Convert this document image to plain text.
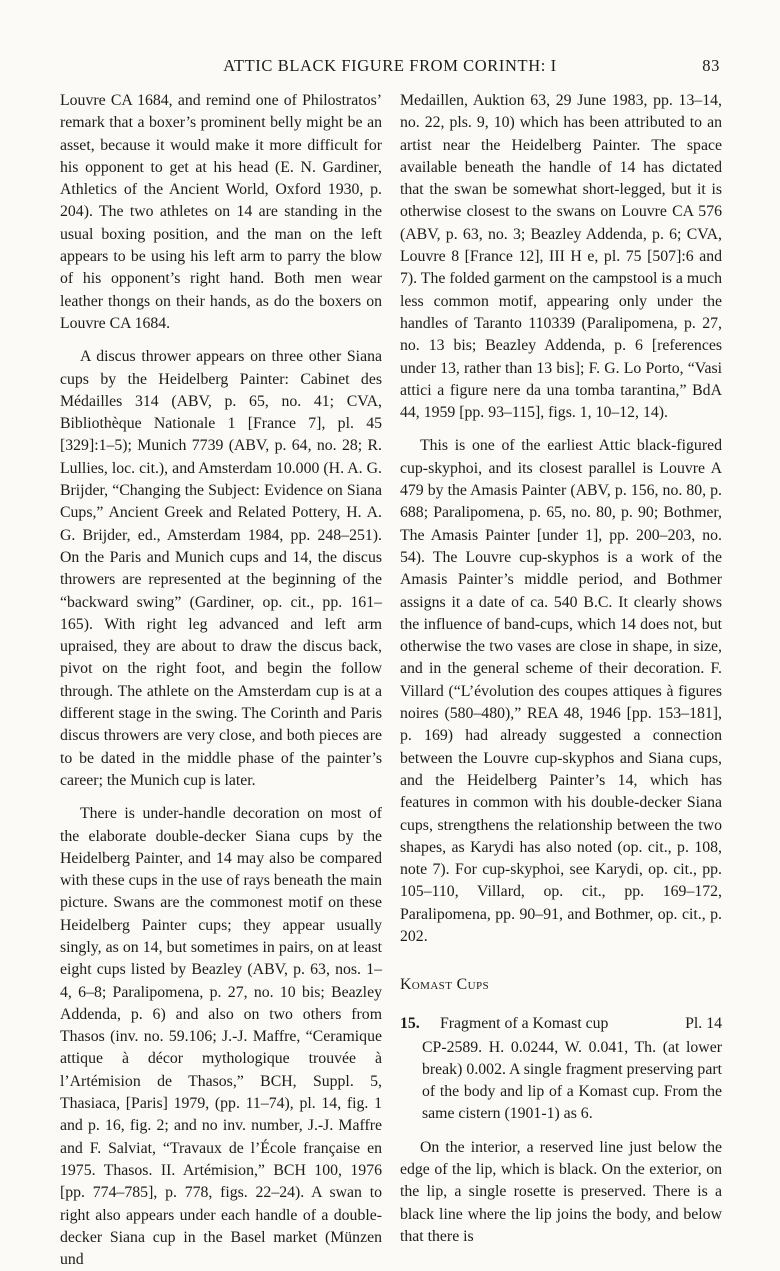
ATTIC BLACK FIGURE FROM CORINTH: I	83

Louvre CA 1684, and remind one of Philostratos’ remark that a boxer’s prominent belly might be an asset, because it would make it more difficult for his opponent to get at his head (E. N. Gardiner, Athletics of the Ancient World, Oxford 1930, p. 204). The two athletes on 14 are standing in the usual boxing position, and the man on the left appears to be using his left arm to parry the blow of his opponent’s right hand. Both men wear leather thongs on their hands, as do the boxers on Louvre CA 1684.

A discus thrower appears on three other Siana cups by the Heidelberg Painter: Cabinet des Médailles 314 (ABV, p. 65, no. 41; CVA, Bibliothèque Nationale 1 [France 7], pl. 45 [329]:1–5); Munich 7739 (ABV, p. 64, no. 28; R. Lullies, loc. cit.), and Amsterdam 10.000 (H. A. G. Brijder, “Changing the Subject: Evidence on Siana Cups,” Ancient Greek and Related Pottery, H. A. G. Brijder, ed., Amsterdam 1984, pp. 248–251). On the Paris and Munich cups and 14, the discus throwers are represented at the beginning of the “backward swing” (Gardiner, op. cit., pp. 161–165). With right leg advanced and left arm upraised, they are about to draw the discus back, pivot on the right foot, and begin the follow through. The athlete on the Amsterdam cup is at a different stage in the swing. The Corinth and Paris discus throwers are very close, and both pieces are to be dated in the middle phase of the painter’s career; the Munich cup is later.

There is under-handle decoration on most of the elaborate double-decker Siana cups by the Heidelberg Painter, and 14 may also be compared with these cups in the use of rays beneath the main picture. Swans are the commonest motif on these Heidelberg Painter cups; they appear usually singly, as on 14, but sometimes in pairs, on at least eight cups listed by Beazley (ABV, p. 63, nos. 1–4, 6–8; Paralipomena, p. 27, no. 10 bis; Beazley Addenda, p. 6) and also on two others from Thasos (inv. no. 59.106; J.-J. Maffre, “Ceramique attique à décor mythologique trouvée à l’Artémision de Thasos,” BCH, Suppl. 5, Thasiaca, [Paris] 1979, (pp. 11–74), pl. 14, fig. 1 and p. 16, fig. 2; and no inv. number, J.-J. Maffre and F. Salviat, “Travaux de l’École française en 1975. Thasos. II. Artémision,” BCH 100, 1976 [pp. 774–785], p. 778, figs. 22–24). A swan to right also appears under each handle of a double-decker Siana cup in the Basel market (Münzen und

Medaillen, Auktion 63, 29 June 1983, pp. 13–14, no. 22, pls. 9, 10) which has been attributed to an artist near the Heidelberg Painter. The space available beneath the handle of 14 has dictated that the swan be somewhat short-legged, but it is otherwise closest to the swans on Louvre CA 576 (ABV, p. 63, no. 3; Beazley Addenda, p. 6; CVA, Louvre 8 [France 12], III H e, pl. 75 [507]:6 and 7). The folded garment on the campstool is a much less common motif, appearing only under the handles of Taranto 110339 (Paralipomena, p. 27, no. 13 bis; Beazley Addenda, p. 6 [references under 13, rather than 13 bis]; F. G. Lo Porto, “Vasi attici a figure nere da una tomba tarantina,” BdA 44, 1959 [pp. 93–115], figs. 1, 10–12, 14).

This is one of the earliest Attic black-figured cup-skyphoi, and its closest parallel is Louvre A 479 by the Amasis Painter (ABV, p. 156, no. 80, p. 688; Paralipomena, p. 65, no. 80, p. 90; Bothmer, The Amasis Painter [under 1], pp. 200–203, no. 54). The Louvre cup-skyphos is a work of the Amasis Painter’s middle period, and Bothmer assigns it a date of ca. 540 B.C. It clearly shows the influence of band-cups, which 14 does not, but otherwise the two vases are close in shape, in size, and in the general scheme of their decoration. F. Villard (“L’évolution des coupes attiques à figures noires (580–480),” REA 48, 1946 [pp. 153–181], p. 169) had already suggested a connection between the Louvre cup-skyphos and Siana cups, and the Heidelberg Painter’s 14, which has features in common with his double-decker Siana cups, strengthens the relationship between the two shapes, as Karydi has also noted (op. cit., p. 108, note 7). For cup-skyphoi, see Karydi, op. cit., pp. 105–110, Villard, op. cit., pp. 169–172, Paralipomena, pp. 90–91, and Bothmer, op. cit., p. 202.

Komast Cups
15. Fragment of a Komast cup	Pl. 14

CP-2589. H. 0.0244, W. 0.041, Th. (at lower break) 0.002. A single fragment preserving part of the body and lip of a Komast cup. From the same cistern (1901-1) as 6.

On the interior, a reserved line just below the edge of the lip, which is black. On the exterior, on the lip, a single rosette is preserved. There is a black line where the lip joins the body, and below that there is
